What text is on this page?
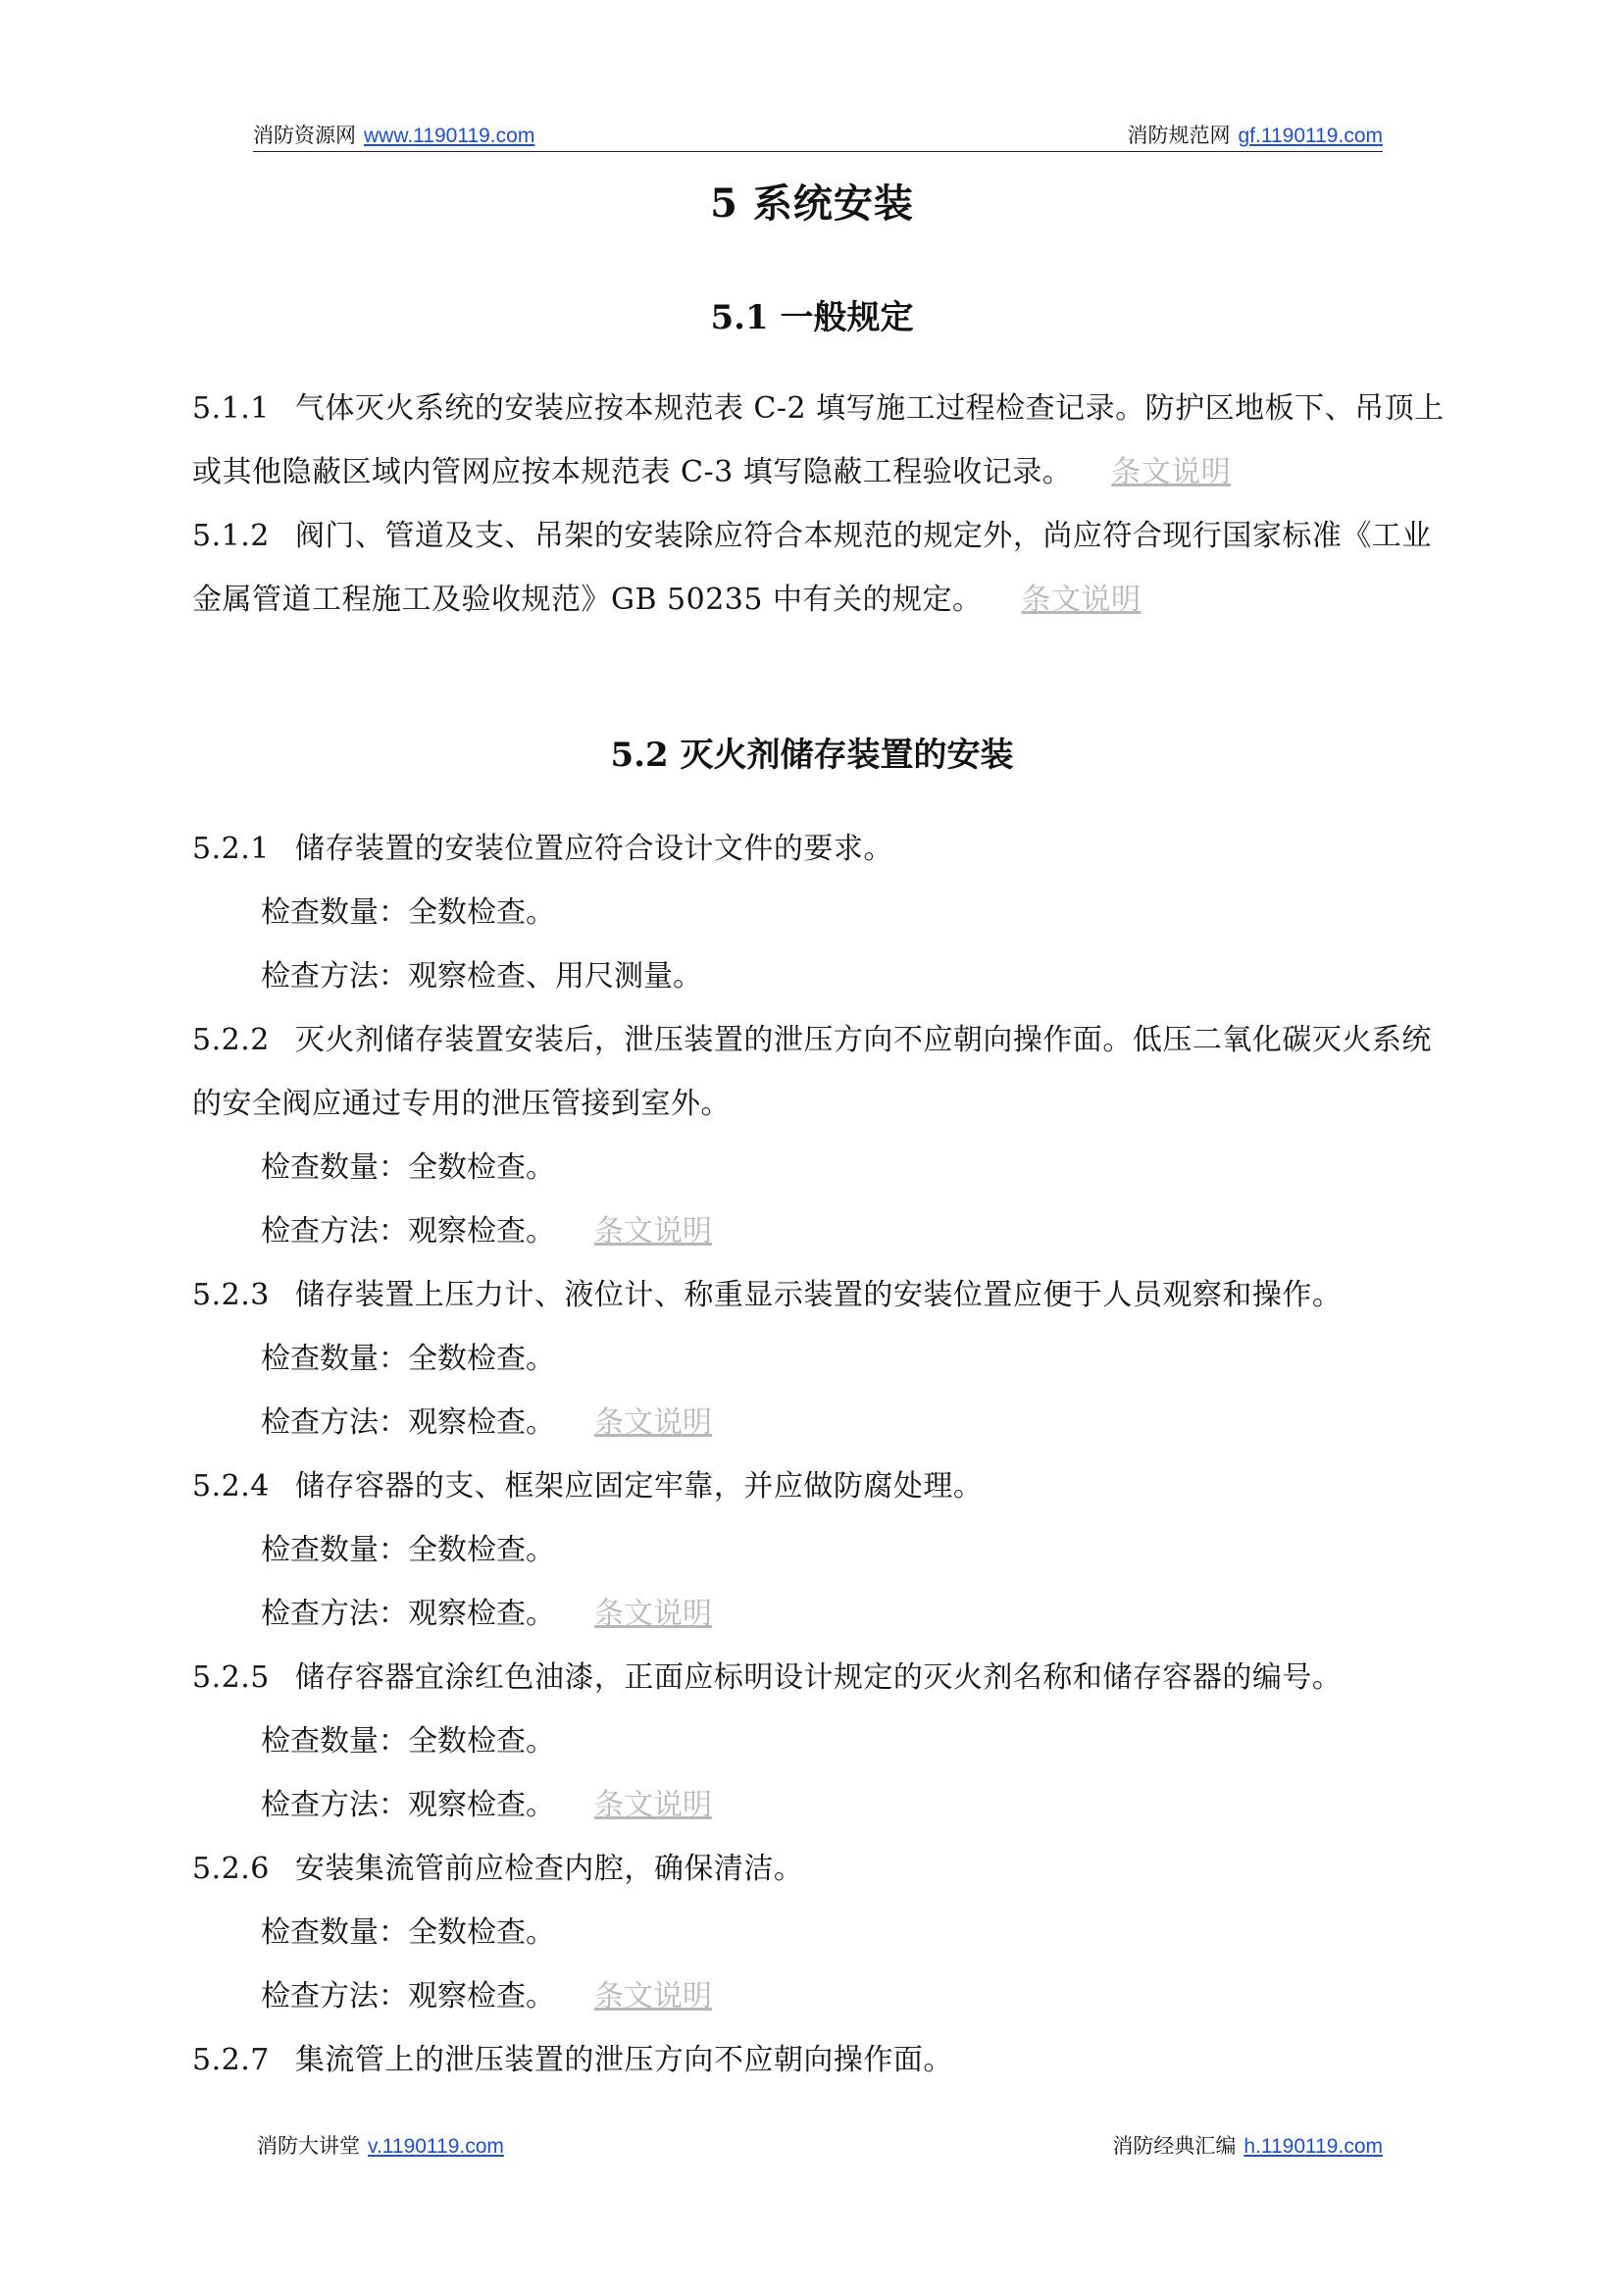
消防资源网 www.1190119.com	消防规范网 gf.1190119.com
5 系统安装
5.1 一般规定
5.1.1 气体灭火系统的安装应按本规范表 C-2 填写施工过程检查记录。防护区地板下、吊顶上或其他隐蔽区域内管网应按本规范表 C-3 填写隐蔽工程验收记录。 条文说明
5.1.2 阀门、管道及支、吊架的安装除应符合本规范的规定外，尚应符合现行国家标准《工业金属管道工程施工及验收规范》GB 50235 中有关的规定。 条文说明
5.2 灭火剂储存装置的安装
5.2.1 储存装置的安装位置应符合设计文件的要求。
检查数量：全数检查。
检查方法：观察检查、用尺测量。
5.2.2 灭火剂储存装置安装后，泄压装置的泄压方向不应朝向操作面。低压二氧化碳灭火系统的安全阀应通过专用的泄压管接到室外。
检查数量：全数检查。
检查方法：观察检查。 条文说明
5.2.3 储存装置上压力计、液位计、称重显示装置的安装位置应便于人员观察和操作。
检查数量：全数检查。
检查方法：观察检查。 条文说明
5.2.4 储存容器的支、框架应固定牢靠，并应做防腐处理。
检查数量：全数检查。
检查方法：观察检查。 条文说明
5.2.5 储存容器宜涂红色油漆，正面应标明设计规定的灭火剂名称和储存容器的编号。
检查数量：全数检查。
检查方法：观察检查。 条文说明
5.2.6 安装集流管前应检查内腔，确保清洁。
检查数量：全数检查。
检查方法：观察检查。 条文说明
5.2.7 集流管上的泄压装置的泄压方向不应朝向操作面。
消防大讲堂 v.1190119.com	消防经典汇编 h.1190119.com
